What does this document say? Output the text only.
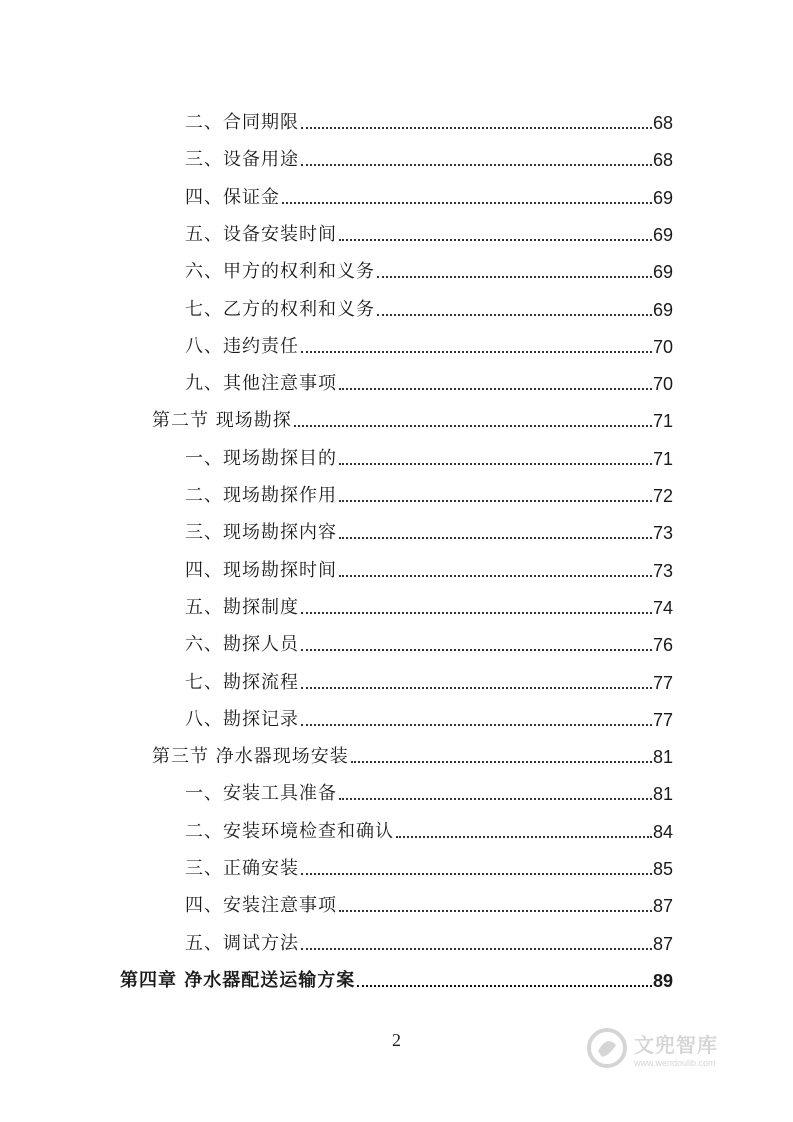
二、合同期限	68
三、设备用途	68
四、保证金	69
五、设备安装时间	69
六、甲方的权利和义务	69
七、乙方的权利和义务	69
八、违约责任	70
九、其他注意事项	70
第二节 现场勘探	71
一、现场勘探目的	71
二、现场勘探作用	72
三、现场勘探内容	73
四、现场勘探时间	73
五、勘探制度	74
六、勘探人员	76
七、勘探流程	77
八、勘探记录	77
第三节 净水器现场安装	81
一、安装工具准备	81
二、安装环境检查和确认	84
三、正确安装	85
四、安装注意事项	87
五、调试方法	87
第四章 净水器配送运输方案	89
2	文兜智库
www.wendoulib.com
